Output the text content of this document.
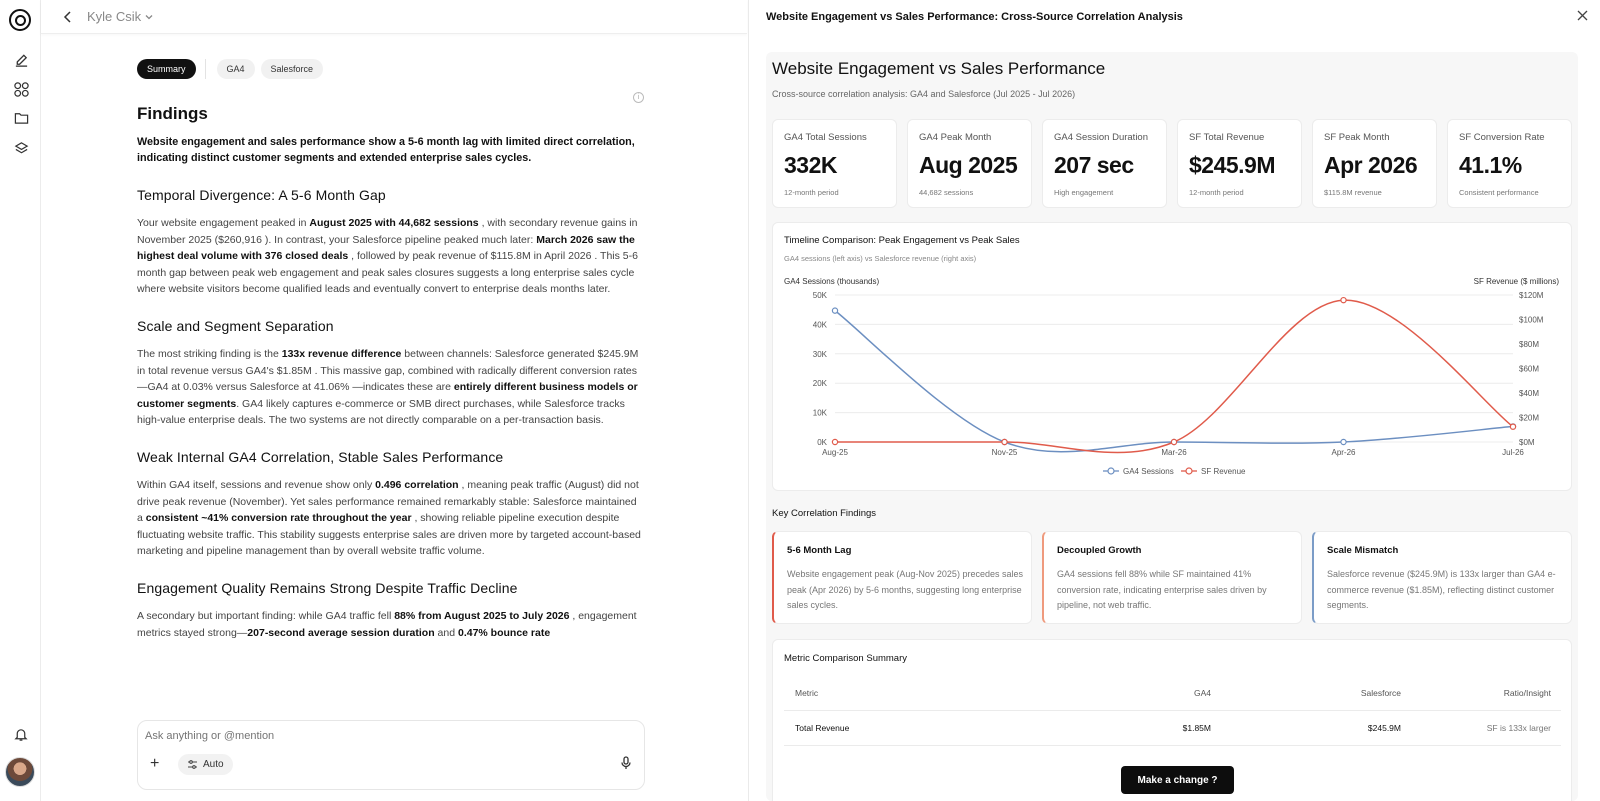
Kyle Csik
Summary	GA4	Salesforce
i
Findings

Website engagement and sales performance show a 5-6 month lag with limited direct correlation, indicating distinct customer segments and extended enterprise sales cycles.

Temporal Divergence: A 5-6 Month Gap

Your website engagement peaked in August 2025 with 44,682 sessions , with secondary revenue gains in November 2025 ($260,916 ). In contrast, your Salesforce pipeline peaked much later: March 2026 saw the highest deal volume with 376 closed deals , followed by peak revenue of $115.8M in April 2026 . This 5-6 month gap between peak web engagement and peak sales closures suggests a long enterprise sales cycle where website visitors become qualified leads and eventually convert to enterprise deals months later.

Scale and Segment Separation

The most striking finding is the 133x revenue difference between channels: Salesforce generated $245.9M in total revenue versus GA4's $1.85M . This massive gap, combined with radically different conversion rates—GA4 at 0.03% versus Salesforce at 41.06% —indicates these are entirely different business models or customer segments. GA4 likely captures e-commerce or SMB direct purchases, while Salesforce tracks high-value enterprise deals. The two systems are not directly comparable on a per-transaction basis.

Weak Internal GA4 Correlation, Stable Sales Performance

Within GA4 itself, sessions and revenue show only 0.496 correlation , meaning peak traffic (August) did not drive peak revenue (November). Yet sales performance remained remarkably stable: Salesforce maintained a consistent ~41% conversion rate throughout the year , showing reliable pipeline execution despite fluctuating website traffic. This stability suggests enterprise sales are driven more by targeted account-based marketing and pipeline management than by overall website traffic volume.

Engagement Quality Remains Strong Despite Traffic Decline

A secondary but important finding: while GA4 traffic fell 88% from August 2025 to July 2026 , engagement metrics stayed strong—207-second average session duration and 0.47% bounce rate

Ask anything or @mention
+	Auto
Website Engagement vs Sales Performance: Cross-Source Correlation Analysis
Website Engagement vs Sales Performance
Cross-source correlation analysis: GA4 and Salesforce (Jul 2025 - Jul 2026)
GA4 Total Sessions
332K
12-month period
GA4 Peak Month
Aug 2025
44,682 sessions
GA4 Session Duration
207 sec
High engagement
SF Total Revenue
$245.9M
12-month period
SF Peak Month
Apr 2026
$115.8M revenue
SF Conversion Rate
41.1%
Consistent performance
Timeline Comparison: Peak Engagement vs Peak Sales
GA4 sessions (left axis) vs Salesforce revenue (right axis)
GA4 Sessions (thousands)	SF Revenue ($ millions)
0K
10K
20K
30K
40K
50K
$0M
$20M
$40M
$60M
$80M
$100M
$120M
Aug-25	Nov-25	Mar-26	Apr-26	Jul-26
GA4 Sessions	SF Revenue
Key Correlation Findings
5-6 Month Lag
Website engagement peak (Aug-Nov 2025) precedes sales peak (Apr 2026) by 5-6 months, suggesting long enterprise sales cycles.
Decoupled Growth
GA4 sessions fell 88% while SF maintained 41% conversion rate, indicating enterprise sales driven by pipeline, not web traffic.
Scale Mismatch
Salesforce revenue ($245.9M) is 133x larger than GA4 e-commerce revenue ($1.85M), reflecting distinct customer segments.
Metric Comparison Summary
Metric	GA4	Salesforce	Ratio/Insight
Total Revenue	$1.85M	$245.9M	SF is 133x larger
Make a change ?
